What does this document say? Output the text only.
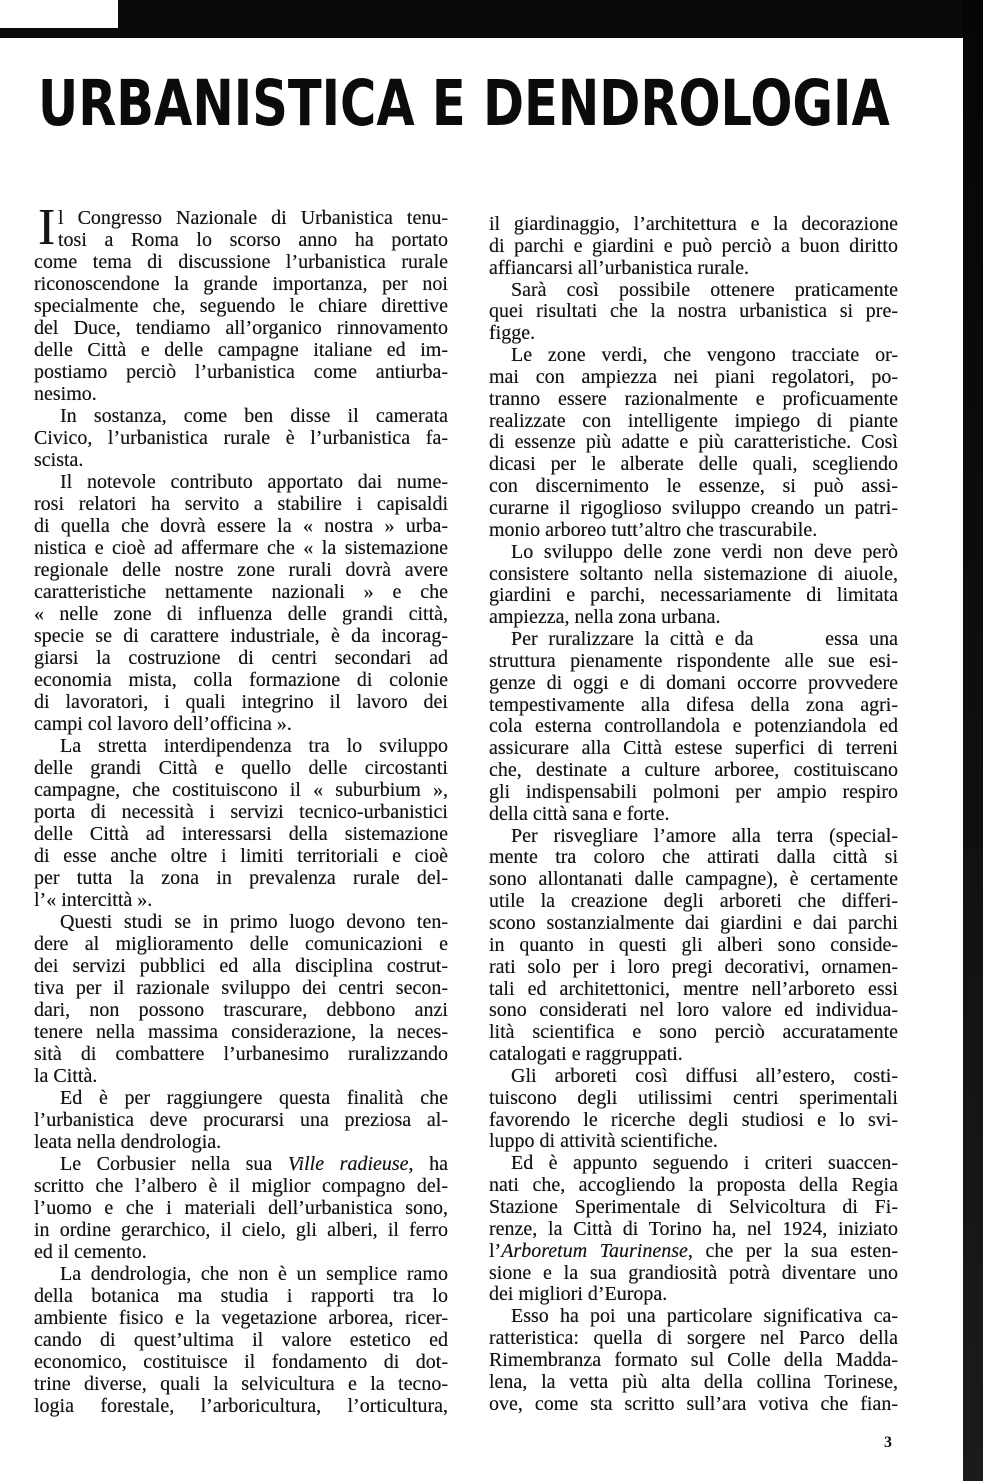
URBANISTICA E DENDROLOGIA
I l Congresso Nazionale di Urbanistica tenu-
tosi a Roma lo scorso anno ha portato
come tema di discussione l’urbanistica rurale
riconoscendone la grande importanza, per noi
specialmente che, seguendo le chiare direttive
del Duce, tendiamo all’organico rinnovamento
delle Città e delle campagne italiane ed im-
postiamo perciò l’urbanistica come antiurba-
nesimo.
In sostanza, come ben disse il camerata
Civico, l’urbanistica rurale è l’urbanistica fa-
scista.
Il notevole contributo apportato dai nume-
rosi relatori ha servito a stabilire i capisaldi
di quella che dovrà essere la « nostra » urba-
nistica e cioè ad affermare che « la sistemazione
regionale delle nostre zone rurali dovrà avere
caratteristiche nettamente nazionali » e che
« nelle zone di influenza delle grandi città,
specie se di carattere industriale, è da incorag-
giarsi la costruzione di centri secondari ad
economia mista, colla formazione di colonie
di lavoratori, i quali integrino il lavoro dei
campi col lavoro dell’officina ».
La stretta interdipendenza tra lo sviluppo
delle grandi Città e quello delle circostanti
campagne, che costituiscono il « suburbium »,
porta di necessità i servizi tecnico-urbanistici
delle Città ad interessarsi della sistemazione
di esse anche oltre i limiti territoriali e cioè
per tutta la zona in prevalenza rurale del-
l’« intercittà ».
Questi studi se in primo luogo devono ten-
dere al miglioramento delle comunicazioni e
dei servizi pubblici ed alla disciplina costrut-
tiva per il razionale sviluppo dei centri secon-
dari, non possono trascurare, debbono anzi
tenere nella massima considerazione, la neces-
sità di combattere l’urbanesimo ruralizzando
la Città.
Ed è per raggiungere questa finalità che
l’urbanistica deve procurarsi una preziosa al-
leata nella dendrologia.
Le Corbusier nella sua Ville radieuse, ha
scritto che l’albero è il miglior compagno del-
l’uomo e che i materiali dell’urbanistica sono,
in ordine gerarchico, il cielo, gli alberi, il ferro
ed il cemento.
La dendrologia, che non è un semplice ramo
della botanica ma studia i rapporti tra lo
ambiente fisico e la vegetazione arborea, ricer-
cando di quest’ultima il valore estetico ed
economico, costituisce il fondamento di dot-
trine diverse, quali la selvicultura e la tecno-
logia forestale, l’arboricultura, l’orticultura,
il giardinaggio, l’architettura e la decorazione
di parchi e giardini e può perciò a buon diritto
affiancarsi all’urbanistica rurale.
Sarà così possibile ottenere praticamente
quei risultati che la nostra urbanistica si pre-
figge.
Le zone verdi, che vengono tracciate or-
mai con ampiezza nei piani regolatori, po-
tranno essere razionalmente e proficuamente
realizzate con intelligente impiego di piante
di essenze più adatte e più caratteristiche. Così
dicasi per le alberate delle quali, scegliendo
con discernimento le essenze, si può assi-
curarne il rigoglioso sviluppo creando un patri-
monio arboreo tutt’altro che trascurabile.
Lo sviluppo delle zone verdi non deve però
consistere soltanto nella sistemazione di aiuole,
giardini e parchi, necessariamente di limitata
ampiezza, nella zona urbana.
Per ruralizzare la città e da	essa una
struttura pienamente rispondente alle sue esi-
genze di oggi e di domani occorre provvedere
tempestivamente alla difesa della zona agri-
cola esterna controllandola e potenziandola ed
assicurare alla Città estese superfici di terreni
che, destinate a culture arboree, costituiscano
gli indispensabili polmoni per ampio respiro
della città sana e forte.
Per risvegliare l’amore alla terra (special-
mente tra coloro che attirati dalla città si
sono allontanati dalle campagne), è certamente
utile la creazione degli arboreti che differi-
scono sostanzialmente dai giardini e dai parchi
in quanto in questi gli alberi sono conside-
rati solo per i loro pregi decorativi, ornamen-
tali ed architettonici, mentre nell’arboreto essi
sono considerati nel loro valore ed individua-
lità scientifica e sono perciò accuratamente
catalogati e raggruppati.
Gli arboreti così diffusi all’estero, costi-
tuiscono degli utilissimi centri sperimentali
favorendo le ricerche degli studiosi e lo svi-
luppo di attività scientifiche.
Ed è appunto seguendo i criteri suaccen-
nati che, accogliendo la proposta della Regia
Stazione Sperimentale di Selvicoltura di Fi-
renze, la Città di Torino ha, nel 1924, iniziato
l’Arboretum Taurinense, che per la sua esten-
sione e la sua grandiosità potrà diventare uno
dei migliori d’Europa.
Esso ha poi una particolare significativa ca-
ratteristica: quella di sorgere nel Parco della
Rimembranza formato sul Colle della Madda-
lena, la vetta più alta della collina Torinese,
ove, come sta scritto sull’ara votiva che fian-
3
